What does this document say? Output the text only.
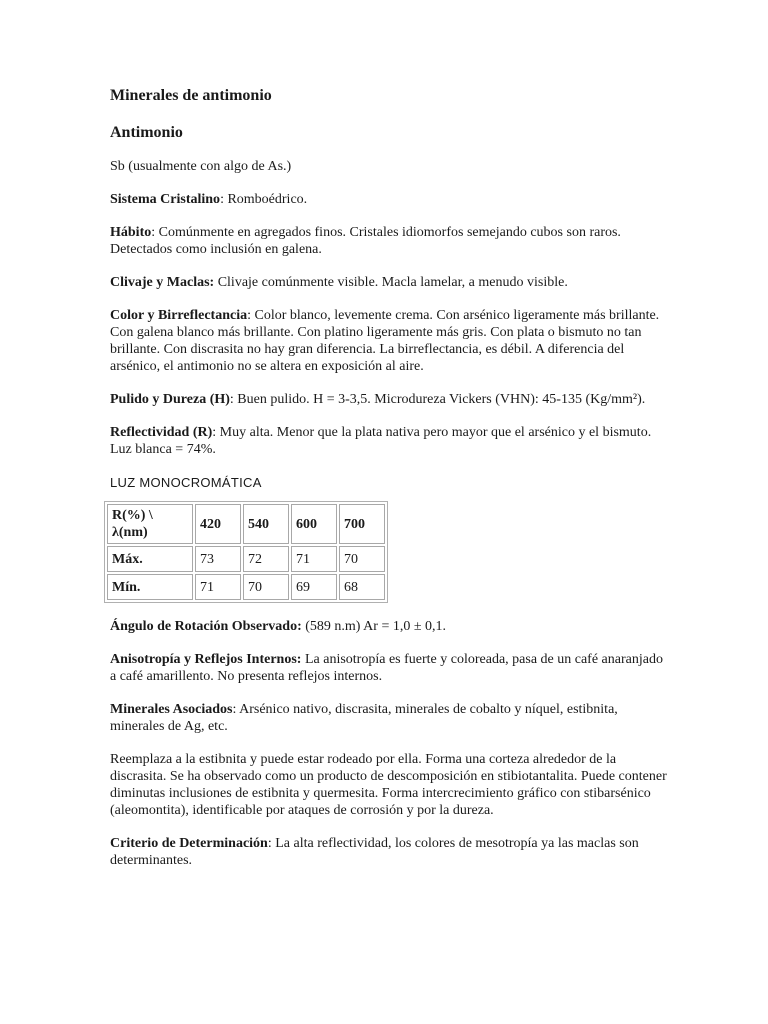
Minerales de antimonio
Antimonio

Sb (usualmente con algo de As.)

Sistema Cristalino: Romboédrico.

Hábito: Comúnmente en agregados finos. Cristales idiomorfos semejando cubos son raros. Detectados como inclusión en galena.

Clivaje y Maclas: Clivaje comúnmente visible. Macla lamelar, a menudo visible.

Color y Birreflectancia: Color blanco, levemente crema. Con arsénico ligeramente más brillante. Con galena blanco más brillante. Con platino ligeramente más gris. Con plata o bismuto no tan brillante. Con discrasita no hay gran diferencia. La birreflectancia, es débil. A diferencia del arsénico, el antimonio no se altera en exposición al aire.

Pulido y Dureza (H): Buen pulido. H = 3-3,5. Microdureza Vickers (VHN): 45-135 (Kg/mm²).

Reflectividad (R): Muy alta. Menor que la plata nativa pero mayor que el arsénico y el bismuto. Luz blanca = 74%.

LUZ MONOCROMÁTICA
R(%) \
λ(nm)	420	540	600	700
Máx.	73	72	71	70
Mín.	71	70	69	68

Ángulo de Rotación Observado: (589 n.m) Ar = 1,0 ± 0,1.

Anisotropía y Reflejos Internos: La anisotropía es fuerte y coloreada, pasa de un café anaranjado a café amarillento. No presenta reflejos internos.

Minerales Asociados: Arsénico nativo, discrasita, minerales de cobalto y níquel, estibnita, minerales de Ag, etc.

Reemplaza a la estibnita y puede estar rodeado por ella. Forma una corteza alrededor de la discrasita. Se ha observado como un producto de descomposición en stibiotantalita. Puede contener diminutas inclusiones de estibnita y quermesita. Forma intercrecimiento gráfico con stibarsénico (aleomontita), identificable por ataques de corrosión y por la dureza.

Criterio de Determinación: La alta reflectividad, los colores de mesotropía ya las maclas son determinantes.
